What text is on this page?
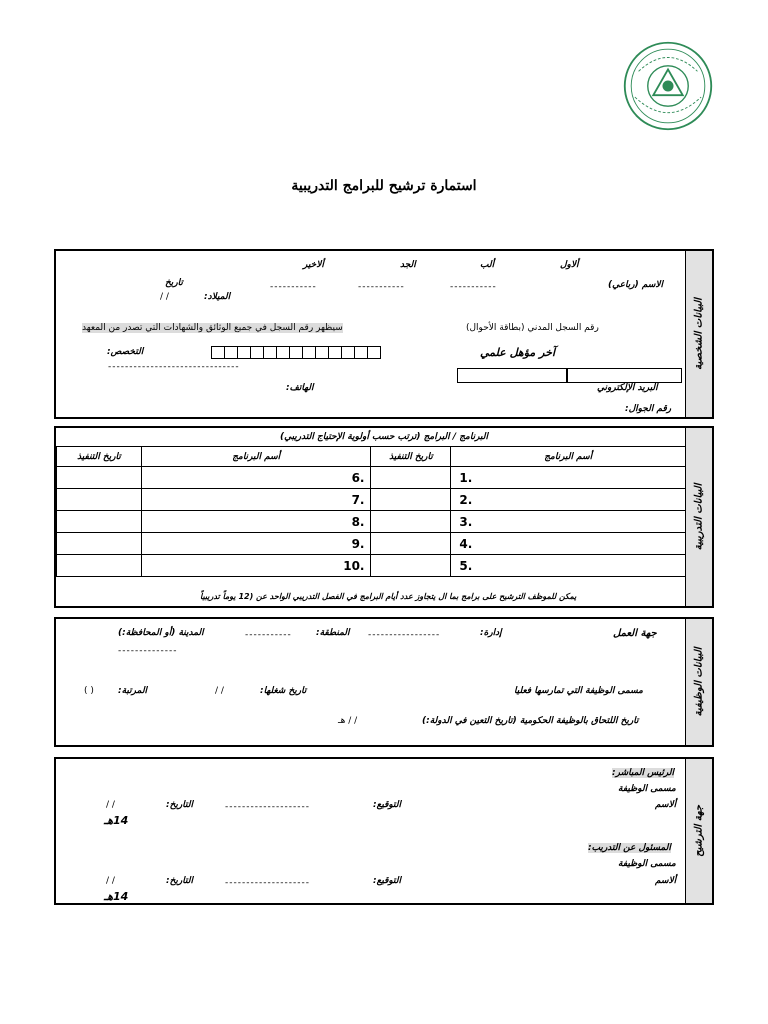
استمارة ترشيح للبرامج التدريبية
البيانات الشخصية
ألاول
ألب
الجد
ألاخير
الاسم (رباعي)
-----------
-----------
-----------
تاريخ
الميلاد:
/ /
رقم السجل المدني (بطاقة الأحوال)
سيظهر رقم السجل في جميع الوثائق والشهادات التي تصدر من المعهد
آخر مؤهل علمي
التخصص:
-------------------------------
البريد الإلكتروني
الهاتف:
رقم الجوال:
البيانات التدريبية
البرنامج / البرامج (ترتب حسب أولوية الإحتياج التدريبي)
تاريخ التنفيذ	أسم البرنامج	تاريخ التنفيذ	أسم البرنامج
	6.		1.
	7.		2.
	8.		3.
	9.		4.
	10.		5.
يمكن للموظف الترشيح على برامج بما ال يتجاوز عدد أيام البرامج في الفصل التدريبي الواحد عن (12 يوماً تدريبياً
البيانات الوظيفية
جهة العمل
إدارة:
-----------------
المنطقة:
-----------
المدينة (أو المحافظة:)
--------------
مسمى الوظيفة التي تمارسها فعليا
تاريخ شغلها:
/ /
المرتبة:
( )
تاريخ اللتحاق بالوظيفة الحكومية (تاريخ التعين في الدولة:)
/ / هـ
جهة الترشيح
الرئيس المباشر:
مسمى الوظيفة
ألاسم
التوقيع:
--------------------
التاريخ:
/ /
14هـ
المسئول عن التدريب:
مسمى الوظيفة
ألاسم
التوقيع:
--------------------
التاريخ:
/ /
14هـ
